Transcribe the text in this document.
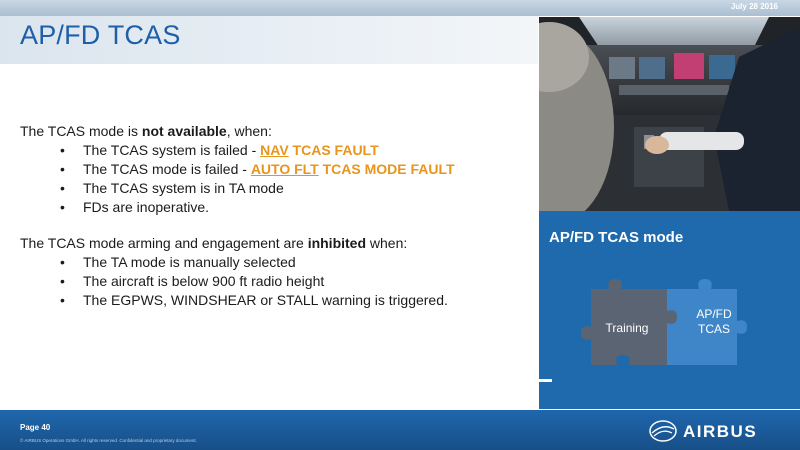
July 28 2016
AP/FD TCAS

The TCAS mode is not available, when:

• The TCAS system is failed - NAV TCAS FAULT
• The TCAS mode is failed - AUTO FLT TCAS MODE FAULT
• The TCAS system is in TA mode
• FDs are inoperative.

The TCAS mode arming and engagement are inhibited when:

• The TA mode is manually selected
• The aircraft is below 900 ft radio height
• The EGPWS, WINDSHEAR or STALL warning is triggered.
AP/FD TCAS mode
Training
AP/FD
TCAS
Page 40
© AIRBUS Operations GmbH. All rights reserved. Confidential and proprietary document.	AIRBUS
